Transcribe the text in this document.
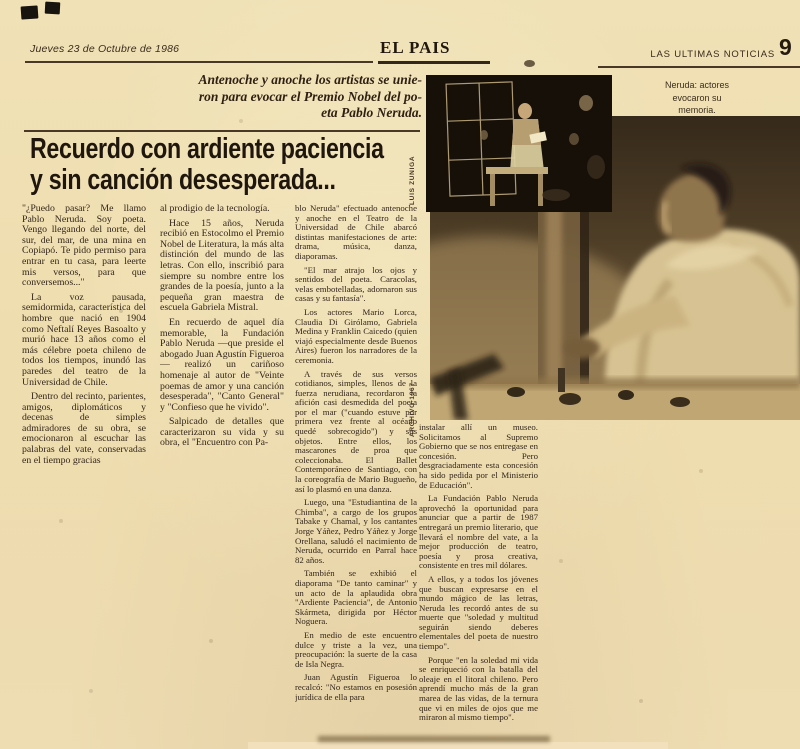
Jueves 23 de Octubre de 1986	EL PAIS	LAS ULTIMAS NOTICIAS 9
Antenoche y anoche los artistas se unie-
ron para evocar el Premio Nobel del po-
eta Pablo Neruda.
Recuerdo con ardiente paciencia
y sin canción desesperada...

"¿Puedo pasar? Me llamo Pablo Neruda. Soy poeta. Vengo llegando del norte, del sur, del mar, de una mina en Copiapó. Te pido permiso para entrar en tu casa, para leerte mis versos, para que conversemos..."

La voz pausada, semidormida, característica del hombre que nació en 1904 como Neftalí Reyes Basoalto y murió hace 13 años como el más célebre poeta chileno de todos los tiempos, inundó las paredes del teatro de la Universidad de Chile.

Dentro del recinto, parientes, amigos, diplomáticos y decenas de simples admiradores de su obra, se emocionaron al escuchar las palabras del vate, conservadas en el tiempo gracias

al prodigio de la tecnología.

Hace 15 años, Neruda recibió en Estocolmo el Premio Nobel de Literatura, la más alta distinción del mundo de las letras. Con ello, inscribió para siempre su nombre entre los grandes de la poesía, junto a la pequeña gran maestra de escuela Gabriela Mistral.

En recuerdo de aquel día memorable, la Fundación Pablo Neruda —que preside el abogado Juan Agustín Figueroa— realizó un cariñoso homenaje al autor de "Veinte poemas de amor y una canción desesperada", "Canto General" y "Confieso que he vivido".

Salpicado de detalles que caracterizaron su vida y su obra, el "Encuentro con Pa-

blo Neruda" efectuado antenoche y anoche en el Teatro de la Universidad de Chile abarcó distintas manifestaciones de arte: drama, música, danza, diaporamas.

"El mar atrajo los ojos y sentidos del poeta. Caracolas, velas embotelladas, adornaron sus casas y su fantasía".

Los actores Mario Lorca, Claudia Di Girólamo, Gabriela Medina y Franklin Caicedo (quien viajó especialmente desde Buenos Aires) fueron los narradores de la ceremonia.

A través de sus versos cotidianos, simples, llenos de la fuerza nerudiana, recordaron la afición casi desmedida del poeta por el mar ("cuando estuve por primera vez frente al océano quedé sobrecogido") y sus objetos. Entre ellos, los mascarones de proa que coleccionaba. El Ballet Contemporáneo de Santiago, con la coreografía de Mario Bugueño, así lo plasmó en una danza.

Luego, una "Estudiantina de la Chimba", a cargo de los grupos Tabake y Chamal, y los cantantes Jorge Yáñez, Pedro Yáñez y Jorge Orellana, saludó el nacimiento de Neruda, ocurrido en Parral hace 82 años.

También se exhibió el diaporama "De tanto caminar" y un acto de la aplaudida obra "Ardiente Paciencia", de Antonio Skármeta, dirigida por Héctor Noguera.

En medio de este encuentro dulce y triste a la vez, una preocupación: la suerte de la casa de Isla Negra.

Juan Agustín Figueroa lo recalcó: "No estamos en posesión jurídica de ella para

instalar allí un museo. Solicitamos al Supremo Gobierno que se nos entregase en concesión. Pero desgraciadamente esta concesión ha sido pedida por el Ministerio de Educación".

La Fundación Pablo Neruda aprovechó la oportunidad para anunciar que a partir de 1987 entregará un premio literario, que llevará el nombre del vate, a la mejor producción de teatro, poesía y prosa creativa, consistente en tres mil dólares.

A ellos, y a todos los jóvenes que buscan expresarse en el mundo mágico de las letras, Neruda les recordó antes de su muerte que "soledad y multitud seguirán siendo deberes elementales del poeta de nuestro tiempo".

Porque "en la soledad mi vida se enriqueció con la batalla del oleaje en el litoral chileno. Pero aprendí mucho más de la gran marea de las vidas, de la ternura que vi en miles de ojos que me miraron al mismo tiempo".

Neruda: actores
evocaron su
memoria.
LUIS ZUNIGA
ARCHIVO 1967
